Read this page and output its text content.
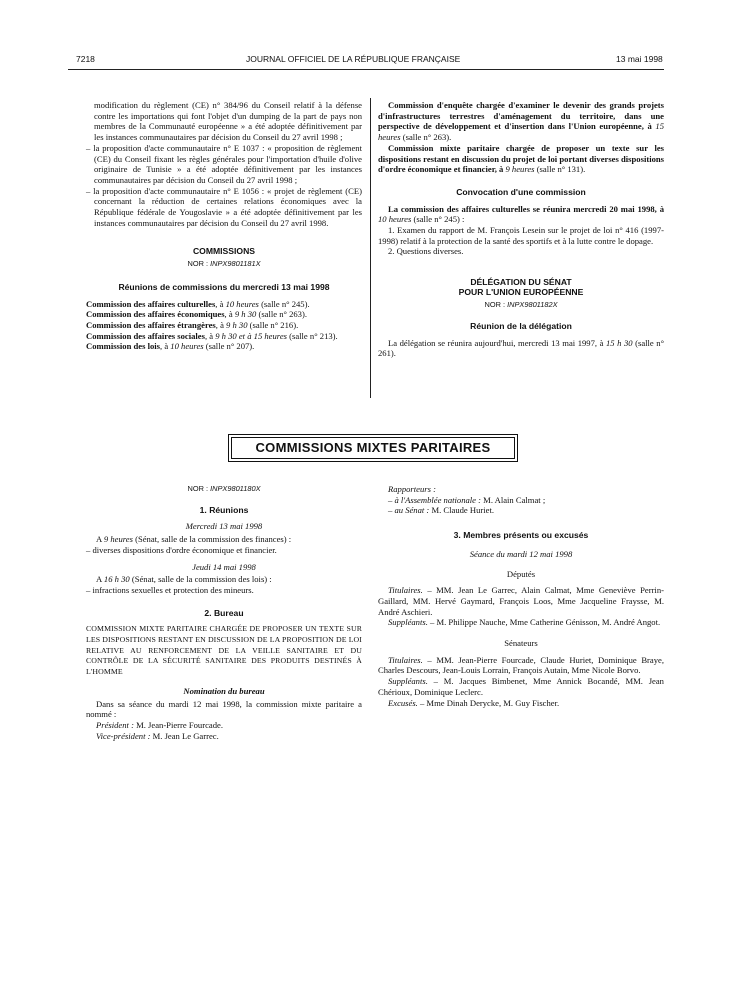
7218	JOURNAL OFFICIEL DE LA RÉPUBLIQUE FRANÇAISE	13 mai 1998

modification du règlement (CE) n° 384/96 du Conseil relatif à la défense contre les importations qui font l'objet d'un dumping de la part de pays non membres de la Communauté européenne » a été adoptée définitivement par les instances communautaires par décision du Conseil du 27 avril 1998 ;

– la proposition d'acte communautaire n° E 1037 : « proposition de règlement (CE) du Conseil fixant les règles générales pour l'importation d'huile d'olive originaire de Tunisie » a été adoptée définitivement par les instances communautaires par décision du Conseil du 27 avril 1998 ;

– la proposition d'acte communautaire n° E 1056 : « projet de règlement (CE) concernant la réduction de certaines relations économiques avec la République fédérale de Yougoslavie » a été adoptée définitivement par les instances communautaires par décision du Conseil du 27 avril 1998.

COMMISSIONS
NOR : INPX9801181X
Réunions de commissions du mercredi 13 mai 1998

Commission des affaires culturelles, à 10 heures (salle n° 245).

Commission des affaires économiques, à 9 h 30 (salle n° 263).

Commission des affaires étrangères, à 9 h 30 (salle n° 216).

Commission des affaires sociales, à 9 h 30 et à 15 heures (salle n° 213).

Commission des lois, à 10 heures (salle n° 207).

Commission d'enquête chargée d'examiner le devenir des grands projets d'infrastructures terrestres d'aménagement du territoire, dans une perspective de développement et d'insertion dans l'Union européenne, à 15 heures (salle n° 263).

Commission mixte paritaire chargée de proposer un texte sur les dispositions restant en discussion du projet de loi portant diverses dispositions d'ordre économique et financier, à 9 heures (salle n° 131).

Convocation d'une commission

La commission des affaires culturelles se réunira mercredi 20 mai 1998, à 10 heures (salle n° 245) :

1. Examen du rapport de M. François Lesein sur le projet de loi n° 416 (1997-1998) relatif à la protection de la santé des sportifs et à la lutte contre le dopage.

2. Questions diverses.

DÉLÉGATION DU SÉNAT
POUR L'UNION EUROPÉENNE
NOR : INPX9801182X
Réunion de la délégation

La délégation se réunira aujourd'hui, mercredi 13 mai 1997, à 15 h 30 (salle n° 261).

COMMISSIONS MIXTES PARITAIRES
NOR : INPX9801180X
1. Réunions
Mercredi 13 mai 1998

A 9 heures (Sénat, salle de la commission des finances) :

– diverses dispositions d'ordre économique et financier.

Jeudi 14 mai 1998

A 16 h 30 (Sénat, salle de la commission des lois) :

– infractions sexuelles et protection des mineurs.

2. Bureau

COMMISSION MIXTE PARITAIRE CHARGÉE DE PROPOSER UN TEXTE SUR LES DISPOSITIONS RESTANT EN DISCUSSION DE LA PROPOSITION DE LOI RELATIVE AU RENFORCEMENT DE LA VEILLE SANITAIRE ET DU CONTRÔLE DE LA SÉCURITÉ SANITAIRE DES PRODUITS DESTINÉS À L'HOMME

Nomination du bureau

Dans sa séance du mardi 12 mai 1998, la commission mixte paritaire a nommé :

Président : M. Jean-Pierre Fourcade.

Vice-président : M. Jean Le Garrec.

Rapporteurs :

– à l'Assemblée nationale : M. Alain Calmat ;

– au Sénat : M. Claude Huriet.

3. Membres présents ou excusés
Séance du mardi 12 mai 1998
Députés

Titulaires. – MM. Jean Le Garrec, Alain Calmat, Mme Geneviève Perrin-Gaillard, MM. Hervé Gaymard, François Loos, Mme Jacqueline Fraysse, M. André Aschieri.

Suppléants. – M. Philippe Nauche, Mme Catherine Génisson, M. André Angot.

Sénateurs

Titulaires. – MM. Jean-Pierre Fourcade, Claude Huriet, Dominique Braye, Charles Descours, Jean-Louis Lorrain, François Autain, Mme Nicole Borvo.

Suppléants. – M. Jacques Bimbenet, Mme Annick Bocandé, MM. Jean Chérioux, Dominique Leclerc.

Excusés. – Mme Dinah Derycke, M. Guy Fischer.
